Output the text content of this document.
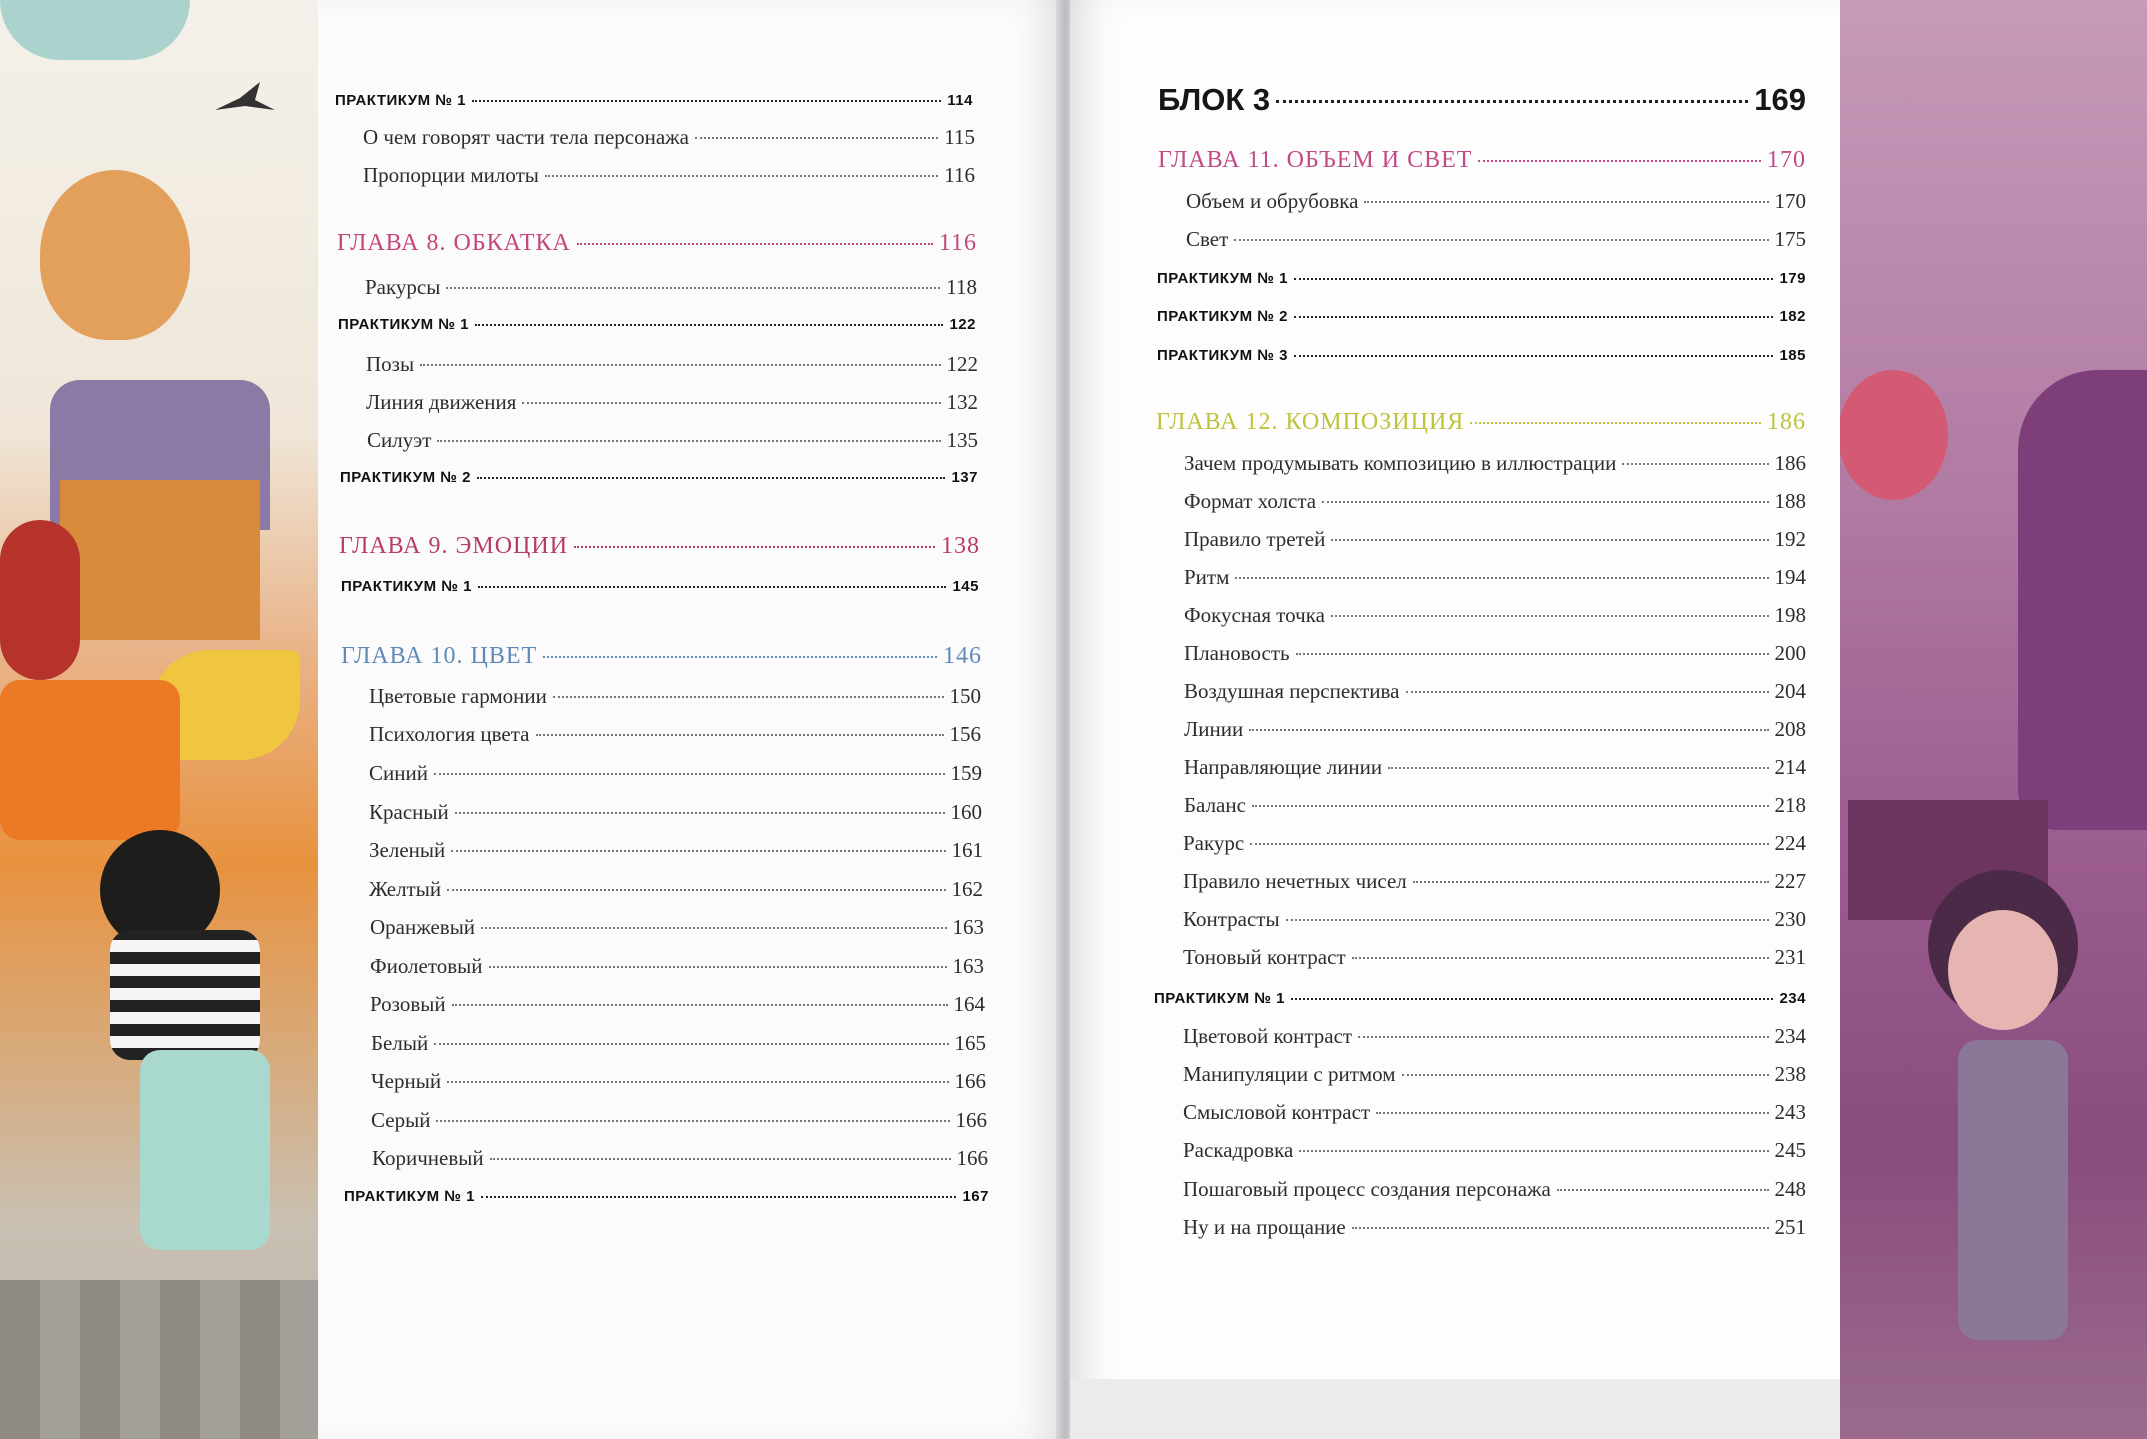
ПРАКТИКУМ № 1	114
О чем говорят части тела персонажа	115
Пропорции милоты	116
ГЛАВА 8. ОБКАТКА	116
Ракурсы	118
ПРАКТИКУМ № 1	122
Позы	122
Линия движения	132
Силуэт	135
ПРАКТИКУМ № 2	137
ГЛАВА 9. ЭМОЦИИ	138
ПРАКТИКУМ № 1	145
ГЛАВА 10. ЦВЕТ	146
Цветовые гармонии	150
Психология цвета	156
Синий	159
Красный	160
Зеленый	161
Желтый	162
Оранжевый	163
Фиолетовый	163
Розовый	164
Белый	165
Черный	166
Серый	166
Коричневый	166
ПРАКТИКУМ № 1	167
БЛОК 3	169
ГЛАВА 11. ОБЪЕМ И СВЕТ	170
Объем и обрубовка	170
Свет	175
ПРАКТИКУМ № 1	179
ПРАКТИКУМ № 2	182
ПРАКТИКУМ № 3	185
ГЛАВА 12. КОМПОЗИЦИЯ	186
Зачем продумывать композицию в иллюстрации	186
Формат холста	188
Правило третей	192
Ритм	194
Фокусная точка	198
Плановость	200
Воздушная перспектива	204
Линии	208
Направляющие линии	214
Баланс	218
Ракурс	224
Правило нечетных чисел	227
Контрасты	230
Тоновый контраст	231
ПРАКТИКУМ № 1	234
Цветовой контраст	234
Манипуляции с ритмом	238
Смысловой контраст	243
Раскадровка	245
Пошаговый процесс создания персонажа	248
Ну и на прощание	251
